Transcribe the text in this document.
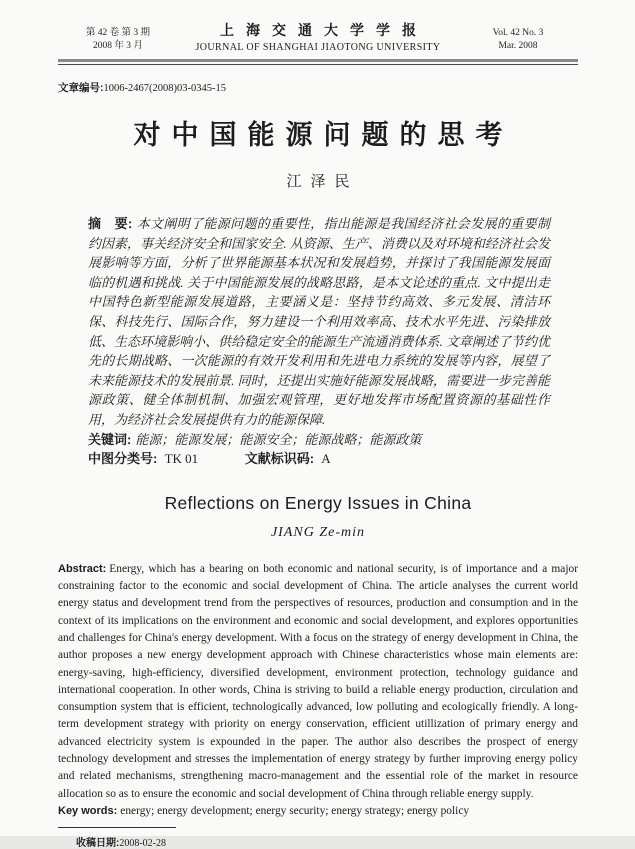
第 42 卷 第 3 期
2008 年 3 月
上海交通大学学报
JOURNAL OF SHANGHAI JIAOTONG UNIVERSITY
Vol. 42 No. 3
Mar. 2008

文章编号:1006-2467(2008)03-0345-15

对中国能源问题的思考
江泽民

摘　要: 本文阐明了能源问题的重要性，指出能源是我国经济社会发展的重要制约因素，事关经济安全和国家安全. 从资源、生产、消费以及对环境和经济社会发展影响等方面，分析了世界能源基本状况和发展趋势，并探讨了我国能源发展面临的机遇和挑战. 关于中国能源发展的战略思路，是本文论述的重点. 文中提出走中国特色新型能源发展道路，主要涵义是：坚持节约高效、多元发展、清洁环保、科技先行、国际合作，努力建设一个利用效率高、技术水平先进、污染排放低、生态环境影响小、供给稳定安全的能源生产流通消费体系. 文章阐述了节约优先的长期战略、一次能源的有效开发利用和先进电力系统的发展等内容，展望了未来能源技术的发展前景. 同时，还提出实施好能源发展战略，需要进一步完善能源政策、健全体制机制、加强宏观管理，更好地发挥市场配置资源的基础性作用，为经济社会发展提供有力的能源保障.

关键词: 能源；能源发展；能源安全；能源战略；能源政策

中图分类号: TK 01	文献标识码: A

Reflections on Energy Issues in China
JIANG Ze-min

Abstract: Energy, which has a bearing on both economic and national security, is of importance and a major constraining factor to the economic and social development of China. The article analyses the current world energy status and development trend from the perspectives of resources, production and consumption and in the context of its implications on the environment and economic and social development, and explores opportunities and challenges for China's energy development. With a focus on the strategy of energy development in China, the author proposes a new energy development approach with Chinese characteristics whose main elements are: energy-saving, high-efficiency, diversified development, environment protection, technology guidance and international cooperation. In other words, China is striving to build a reliable energy production, circulation and consumption system that is efficient, technologically advanced, low polluting and ecologically friendly. A long-term development strategy with priority on energy conservation, efficient utillization of primary energy and advanced electricity system is expounded in the paper. The author also describes the prospect of energy technology development and stresses the implementation of energy strategy by further improving energy policy and related mechanisms, strengthening macro-management and the essential role of the market in resource allocation so as to ensure the economic and social development of China through reliable energy supply.

Key words: energy; energy development; energy security; energy strategy; energy policy

收稿日期:2008-02-28
